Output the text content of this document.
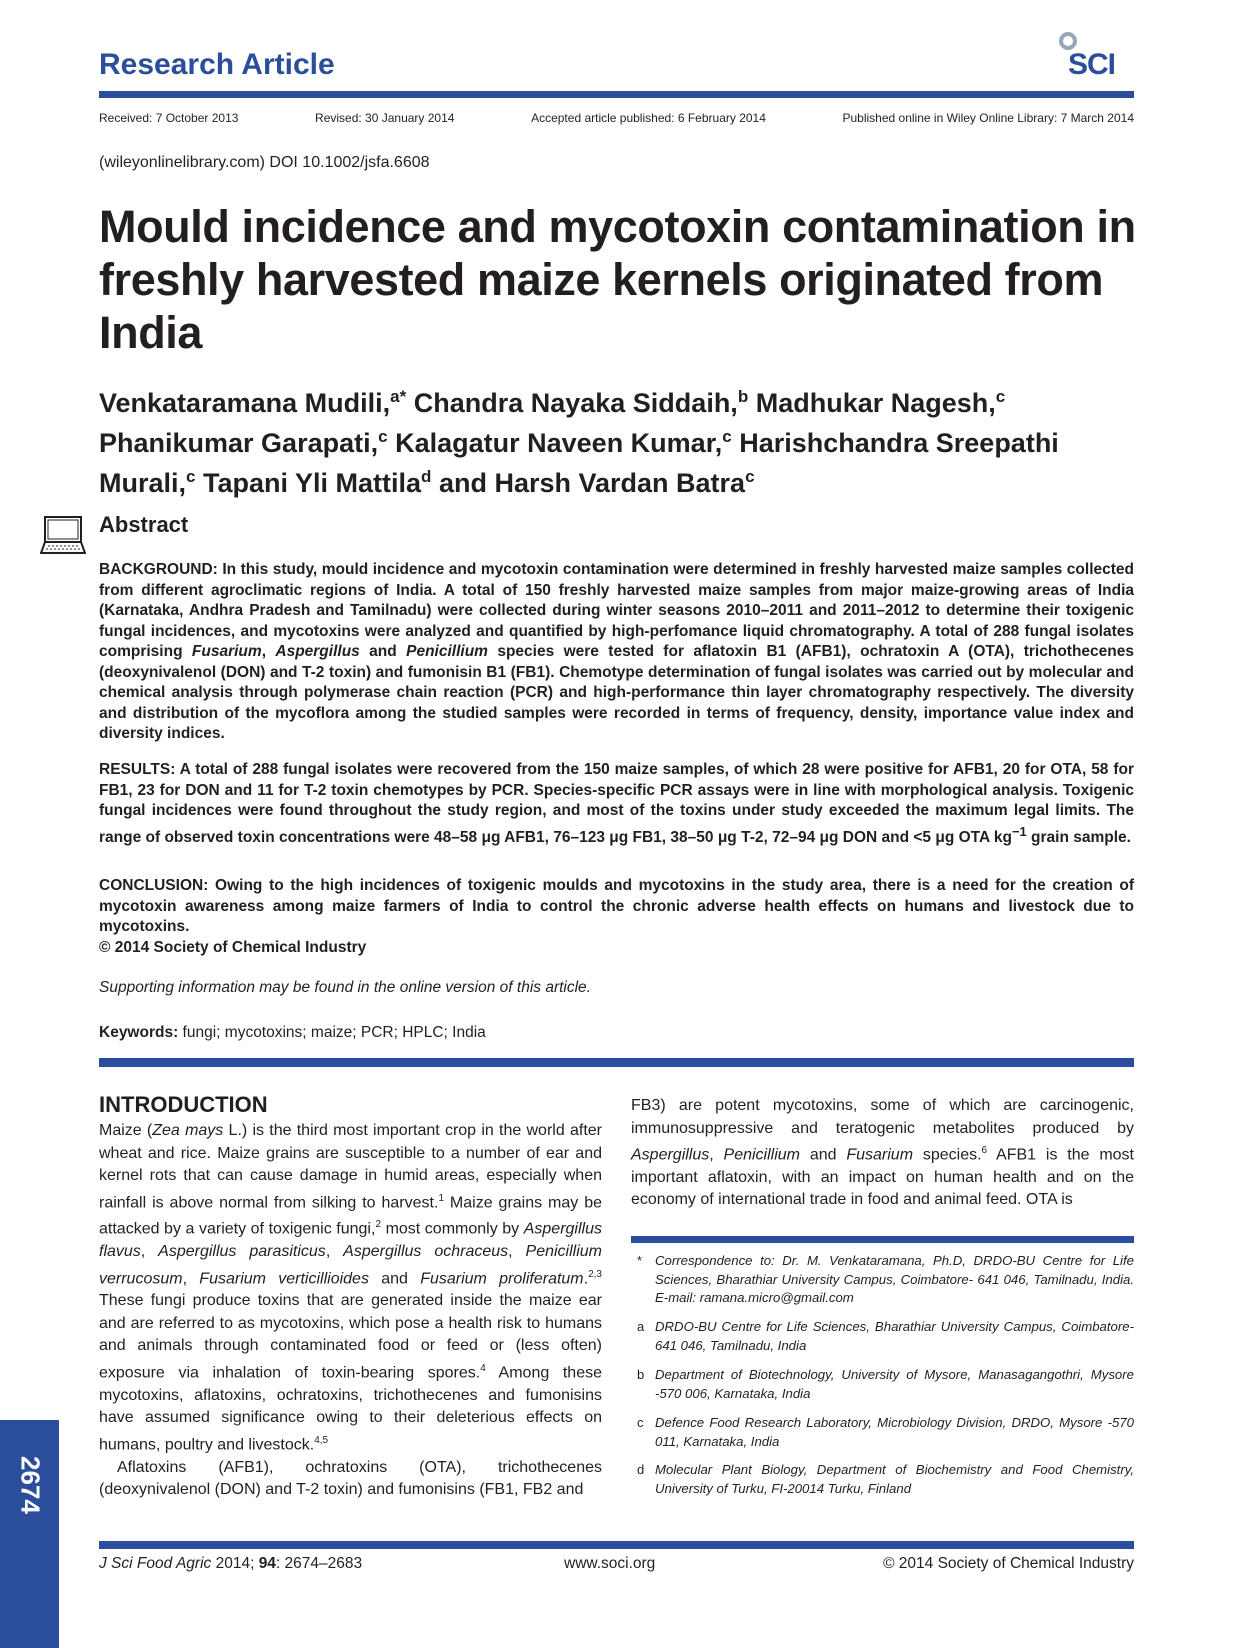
Research Article	SCI
Received: 7 October 2013	Revised: 30 January 2014	Accepted article published: 6 February 2014	Published online in Wiley Online Library: 7 March 2014
(wileyonlinelibrary.com) DOI 10.1002/jsfa.6608
Mould incidence and mycotoxin contamination in freshly harvested maize kernels originated from India
Venkataramana Mudili,$^{a*}$ Chandra Nayaka Siddaih,$^b$ Madhukar Nagesh,$^c$ Phanikumar Garapati,$^c$ Kalagatur Naveen Kumar,$^c$ Harishchandra Sreepathi Murali,$^c$ Tapani Yli Mattila$^d$ and Harsh Vardan Batra$^c$
Abstract
BACKGROUND: In this study, mould incidence and mycotoxin contamination were determined in freshly harvested maize samples collected from different agroclimatic regions of India. A total of 150 freshly harvested maize samples from major maize-growing areas of India (Karnataka, Andhra Pradesh and Tamilnadu) were collected during winter seasons 2010–2011 and 2011–2012 to determine their toxigenic fungal incidences, and mycotoxins were analyzed and quantified by high-perfomance liquid chromatography. A total of 288 fungal isolates comprising Fusarium, Aspergillus and Penicillium species were tested for aflatoxin B1 (AFB1), ochratoxin A (OTA), trichothecenes (deoxynivalenol (DON) and T-2 toxin) and fumonisin B1 (FB1). Chemotype determination of fungal isolates was carried out by molecular and chemical analysis through polymerase chain reaction (PCR) and high-performance thin layer chromatography respectively. The diversity and distribution of the mycoflora among the studied samples were recorded in terms of frequency, density, importance value index and diversity indices.
RESULTS: A total of 288 fungal isolates were recovered from the 150 maize samples, of which 28 were positive for AFB1, 20 for OTA, 58 for FB1, 23 for DON and 11 for T-2 toxin chemotypes by PCR. Species-specific PCR assays were in line with morphological analysis. Toxigenic fungal incidences were found throughout the study region, and most of the toxins under study exceeded the maximum legal limits. The range of observed toxin concentrations were 48–58 μg AFB1, 76–123 μg FB1, 38–50 μg T-2, 72–94 μg DON and <5 μg OTA $kg^{-1}$ grain sample.
CONCLUSION: Owing to the high incidences of toxigenic moulds and mycotoxins in the study area, there is a need for the creation of mycotoxin awareness among maize farmers of India to control the chronic adverse health effects on humans and livestock due to mycotoxins.
© 2014 Society of Chemical Industry
Supporting information may be found in the online version of this article.
Keywords: fungi; mycotoxins; maize; PCR; HPLC; India
INTRODUCTION

Maize (Zea mays L.) is the third most important crop in the world after wheat and rice. Maize grains are susceptible to a number of ear and kernel rots that can cause damage in humid areas, especially when rainfall is above normal from silking to harvest.$^1$ Maize grains may be attacked by a variety of toxigenic fungi,$^2$ most commonly by Aspergillus flavus, Aspergillus parasiticus, Aspergillus ochraceus, Penicillium verrucosum, Fusarium verticillioides and Fusarium proliferatum.$^{2,3}$ These fungi produce toxins that are generated inside the maize ear and are referred to as mycotoxins, which pose a health risk to humans and animals through contaminated food or feed or (less often) exposure via inhalation of toxin-bearing spores.$^4$ Among these mycotoxins, aflatoxins, ochratoxins, trichothecenes and fumonisins have assumed significance owing to their deleterious effects on humans, poultry and livestock.$^{4,5}$

Aflatoxins (AFB1), ochratoxins (OTA), trichothecenes (deoxynivalenol (DON) and T-2 toxin) and fumonisins (FB1, FB2 and

FB3) are potent mycotoxins, some of which are carcinogenic, immunosuppressive and teratogenic metabolites produced by Aspergillus, Penicillium and Fusarium species.$^6$ AFB1 is the most important aflatoxin, with an impact on human health and on the economy of international trade in food and animal feed. OTA is

* Correspondence to: Dr. M. Venkataramana, Ph.D, DRDO-BU Centre for Life Sciences, Bharathiar University Campus, Coimbatore- 641 046, Tamilnadu, India. E-mail: ramana.micro@gmail.com
a DRDO-BU Centre for Life Sciences, Bharathiar University Campus, Coimbatore-641 046, Tamilnadu, India
b Department of Biotechnology, University of Mysore, Manasagangothri, Mysore -570 006, Karnataka, India
c Defence Food Research Laboratory, Microbiology Division, DRDO, Mysore -570 011, Karnataka, India
d Molecular Plant Biology, Department of Biochemistry and Food Chemistry, University of Turku, FI-20014 Turku, Finland
2674
J Sci Food Agric 2014; 94: 2674–2683	www.soci.org	© 2014 Society of Chemical Industry
